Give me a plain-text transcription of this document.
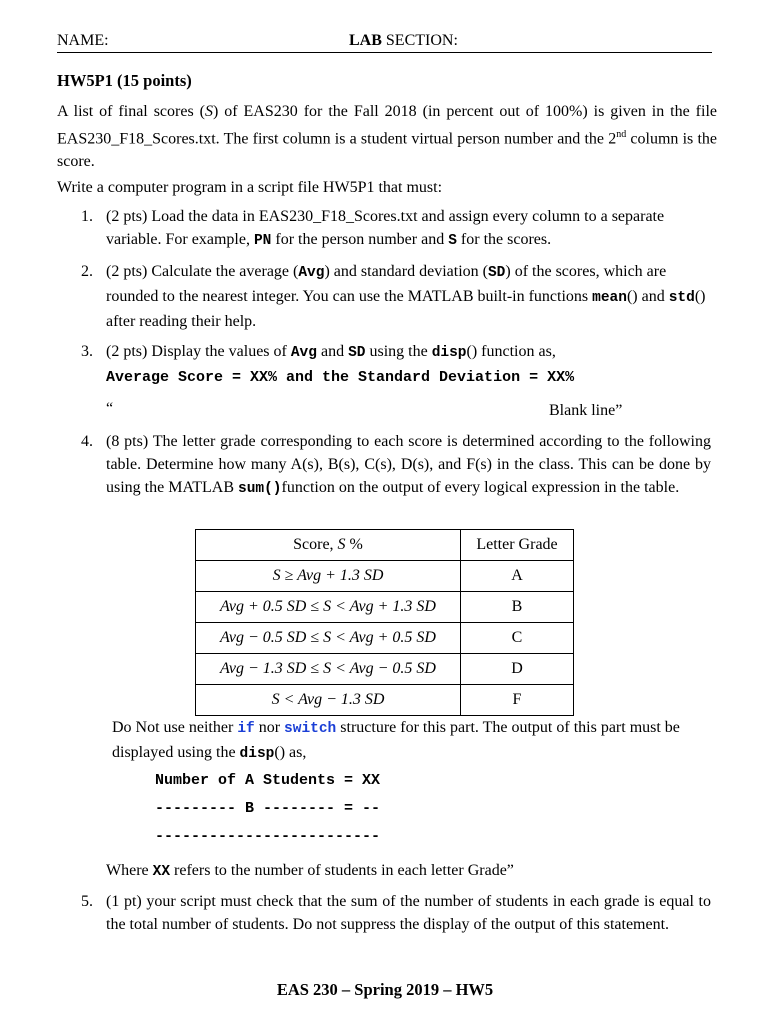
NAME:	LAB SECTION:
HW5P1 (15 points)
A list of final scores (S) of EAS230 for the Fall 2018 (in percent out of 100%) is given in the file EAS230_F18_Scores.txt. The first column is a student virtual person number and the 2nd column is the score.
Write a computer program in a script file HW5P1 that must:
1. (2 pts) Load the data in EAS230_F18_Scores.txt and assign every column to a separate variable. For example, PN for the person number and S for the scores.
2. (2 pts) Calculate the average (Avg) and standard deviation (SD) of the scores, which are rounded to the nearest integer. You can use the MATLAB built-in functions mean() and std() after reading their help.
3. (2 pts) Display the values of Avg and SD using the disp() function as,
Average Score = XX% and the Standard Deviation = XX%
“	Blank line”
4. (8 pts) The letter grade corresponding to each score is determined according to the following table. Determine how many A(s), B(s), C(s), D(s), and F(s) in the class. This can be done by using the MATLAB sum()function on the output of every logical expression in the table.
Score, S %	Letter Grade
S ≥ Avg + 1.3 SD	A
Avg + 0.5 SD ≤ S < Avg + 1.3 SD	B
Avg − 0.5 SD ≤ S < Avg + 0.5 SD	C
Avg − 1.3 SD ≤ S < Avg − 0.5 SD	D
S < Avg − 1.3 SD	F
Do Not use neither if nor switch structure for this part. The output of this part must be displayed using the disp() as,
Number of A Students = XX
--------- B -------- = --
-------------------------
Where XX refers to the number of students in each letter Grade”
5. (1 pt) your script must check that the sum of the number of students in each grade is equal to the total number of students. Do not suppress the display of the output of this statement.
EAS 230 – Spring 2019 – HW5
